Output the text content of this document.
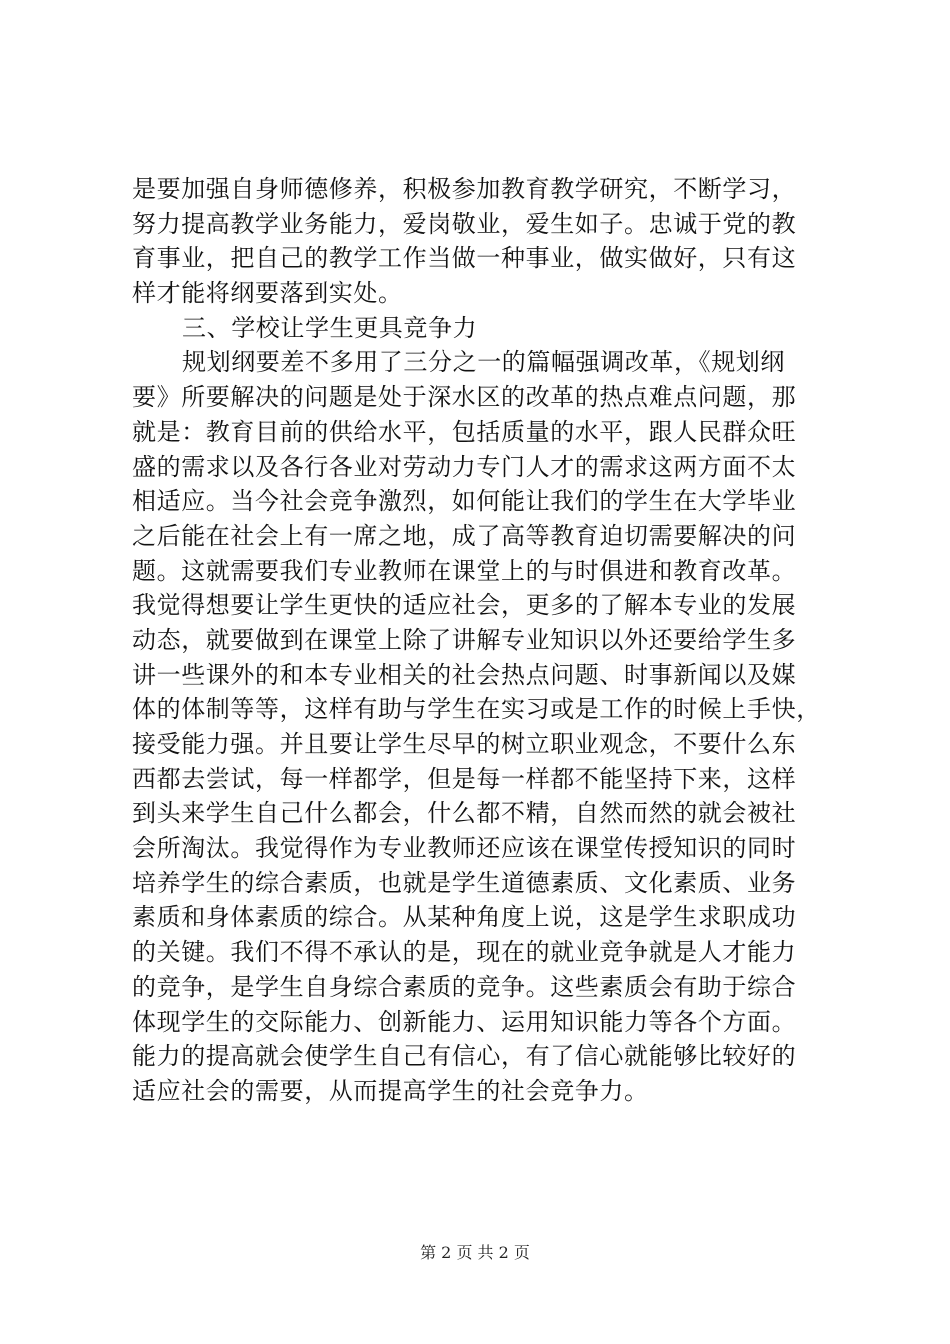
是要加强自身师德修养，积极参加教育教学研究，不断学习，
努力提高教学业务能力，爱岗敬业，爱生如子。忠诚于党的教
育事业，把自己的教学工作当做一种事业，做实做好，只有这
样才能将纲要落到实处。
三、学校让学生更具竞争力
规划纲要差不多用了三分之一的篇幅强调改革，《规划纲
要》所要解决的问题是处于深水区的改革的热点难点问题，那
就是：教育目前的供给水平，包括质量的水平，跟人民群众旺
盛的需求以及各行各业对劳动力专门人才的需求这两方面不太
相适应。当今社会竞争激烈，如何能让我们的学生在大学毕业
之后能在社会上有一席之地，成了高等教育迫切需要解决的问
题。这就需要我们专业教师在课堂上的与时俱进和教育改革。
我觉得想要让学生更快的适应社会，更多的了解本专业的发展
动态，就要做到在课堂上除了讲解专业知识以外还要给学生多
讲一些课外的和本专业相关的社会热点问题、时事新闻以及媒
体的体制等等，这样有助与学生在实习或是工作的时候上手快，
接受能力强。并且要让学生尽早的树立职业观念，不要什么东
西都去尝试，每一样都学，但是每一样都不能坚持下来，这样
到头来学生自己什么都会，什么都不精，自然而然的就会被社
会所淘汰。我觉得作为专业教师还应该在课堂传授知识的同时
培养学生的综合素质，也就是学生道德素质、文化素质、业务
素质和身体素质的综合。从某种角度上说，这是学生求职成功
的关键。我们不得不承认的是，现在的就业竞争就是人才能力
的竞争，是学生自身综合素质的竞争。这些素质会有助于综合
体现学生的交际能力、创新能力、运用知识能力等各个方面。
能力的提高就会使学生自己有信心，有了信心就能够比较好的
适应社会的需要，从而提高学生的社会竞争力。
第 2 页 共 2 页
